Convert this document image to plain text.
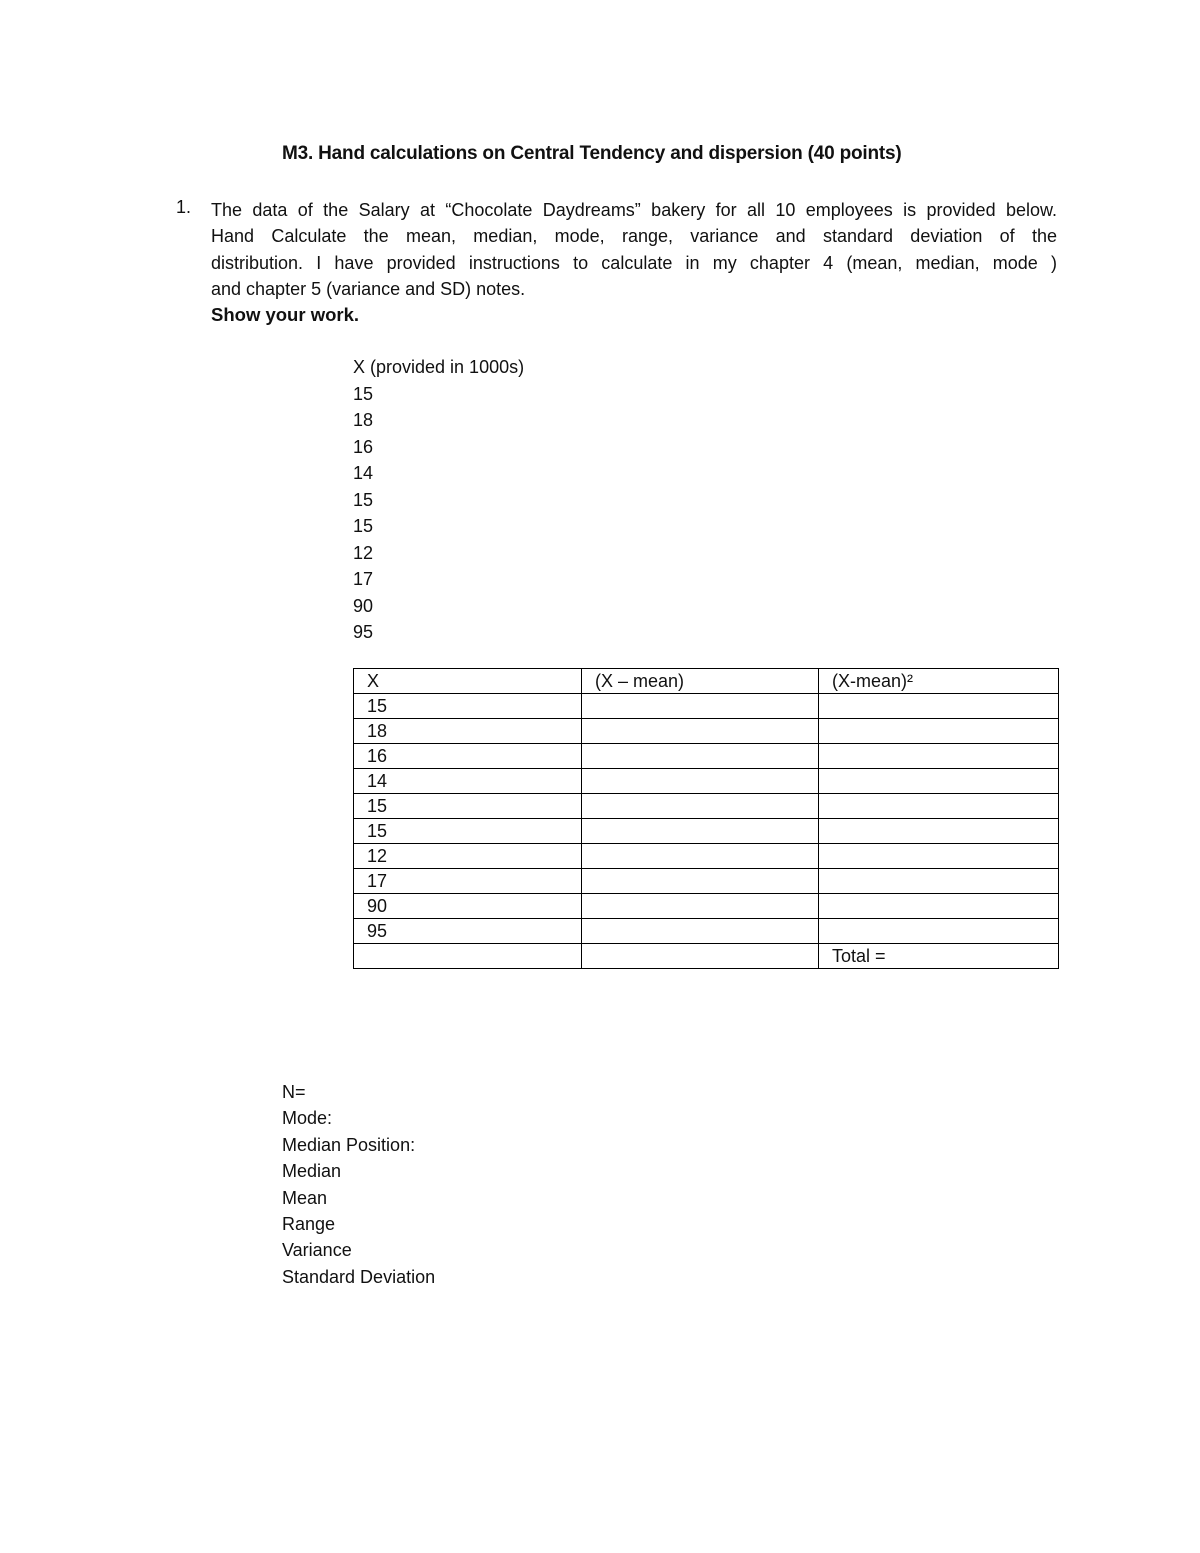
M3. Hand calculations on Central Tendency and dispersion (40 points)
1. The data of the Salary at “Chocolate Daydreams” bakery for all 10 employees is provided below.
Hand Calculate the mean, median, mode, range, variance and standard deviation of the
distribution. I have provided instructions to calculate in my chapter 4 (mean, median, mode )
and chapter 5 (variance and SD) notes.
Show your work.
X (provided in 1000s)
15
18
16
14
15
15
12
17
90
95
X	(X – mean)	(X-mean)²
15		
18		
16		
14		
15		
15		
12		
17		
90		
95		
		Total =
N=
Mode:
Median Position:
Median
Mean
Range
Variance
Standard Deviation
